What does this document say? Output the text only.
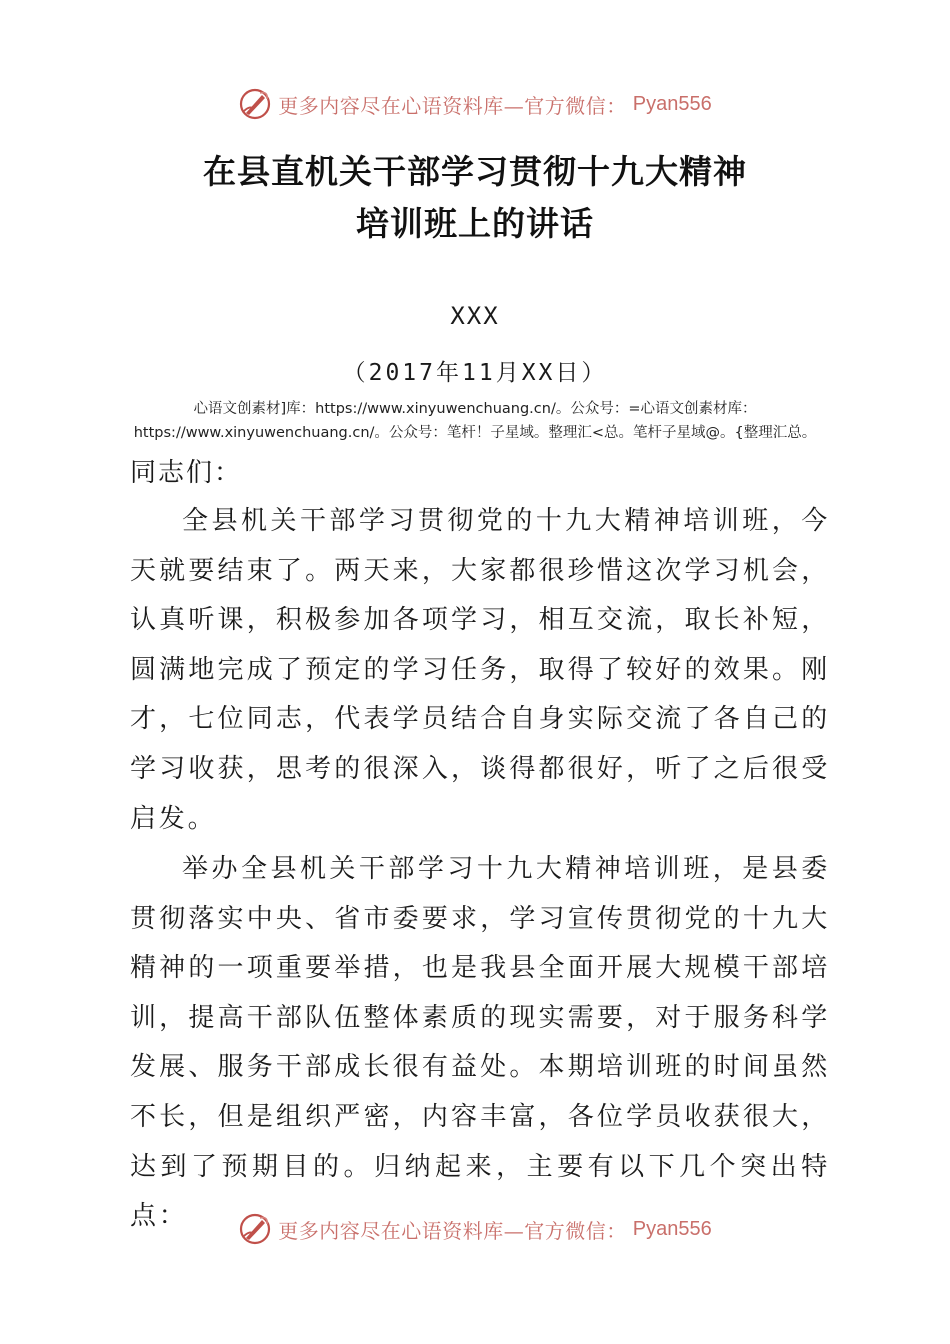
更多内容尽在心语资料库—官方微信： Pyan556
在县直机关干部学习贯彻十九大精神
培训班上的讲话
XXX
（2017年11月XX日）
心语文创素材]库：https://www.xinyuwenchuang.cn/。公众号：=心语文创素材库：https://www.xinyuwenchuang.cn/。公众号：笔杆！子星域。整理汇<总。笔杆子星域@。{整理汇总。
同志们：
全县机关干部学习贯彻党的十九大精神培训班，今天就要结束了。两天来，大家都很珍惜这次学习机会，认真听课，积极参加各项学习，相互交流，取长补短，圆满地完成了预定的学习任务，取得了较好的效果。刚才，七位同志，代表学员结合自身实际交流了各自己的学习收获，思考的很深入，谈得都很好，听了之后很受启发。
举办全县机关干部学习十九大精神培训班，是县委贯彻落实中央、省市委要求，学习宣传贯彻党的十九大精神的一项重要举措，也是我县全面开展大规模干部培训，提高干部队伍整体素质的现实需要，对于服务科学发展、服务干部成长很有益处。本期培训班的时间虽然不长，但是组织严密，内容丰富，各位学员收获很大，达到了预期目的。归纳起来，主要有以下几个突出特点：	更多内容尽在心语资料库—官方微信： Pyan556
